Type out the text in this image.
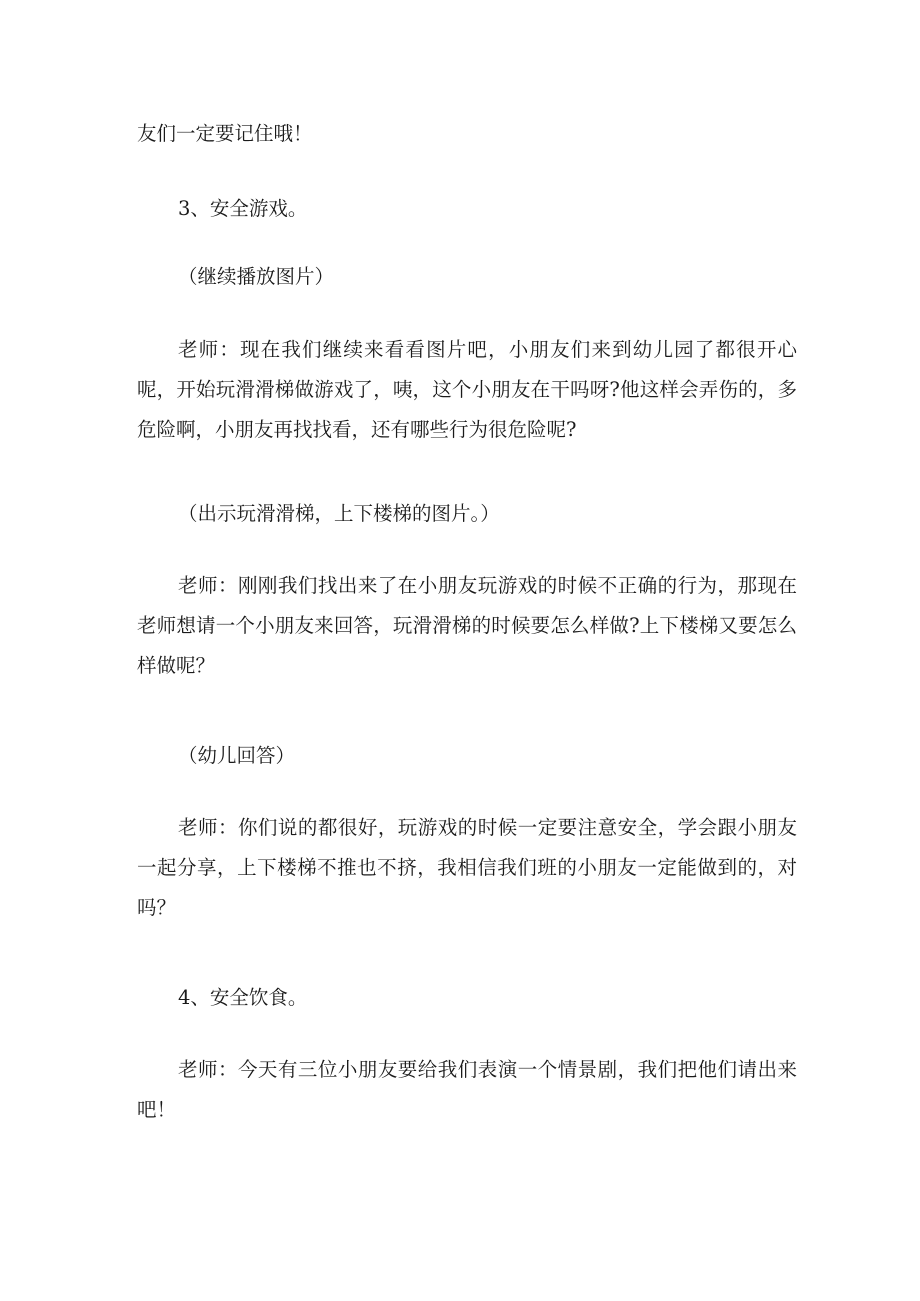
友们一定要记住哦！

3、安全游戏。

（继续播放图片）

老师：现在我们继续来看看图片吧，小朋友们来到幼儿园了都很开心呢，开始玩滑滑梯做游戏了，咦，这个小朋友在干吗呀?他这样会弄伤的，多危险啊，小朋友再找找看，还有哪些行为很危险呢?

（出示玩滑滑梯，上下楼梯的图片。）

老师：刚刚我们找出来了在小朋友玩游戏的时候不正确的行为，那现在老师想请一个小朋友来回答，玩滑滑梯的时候要怎么样做?上下楼梯又要怎么样做呢？

（幼儿回答）

老师：你们说的都很好，玩游戏的时候一定要注意安全，学会跟小朋友一起分享，上下楼梯不推也不挤，我相信我们班的小朋友一定能做到的，对吗？

4、安全饮食。

老师：今天有三位小朋友要给我们表演一个情景剧，我们把他们请出来吧！
